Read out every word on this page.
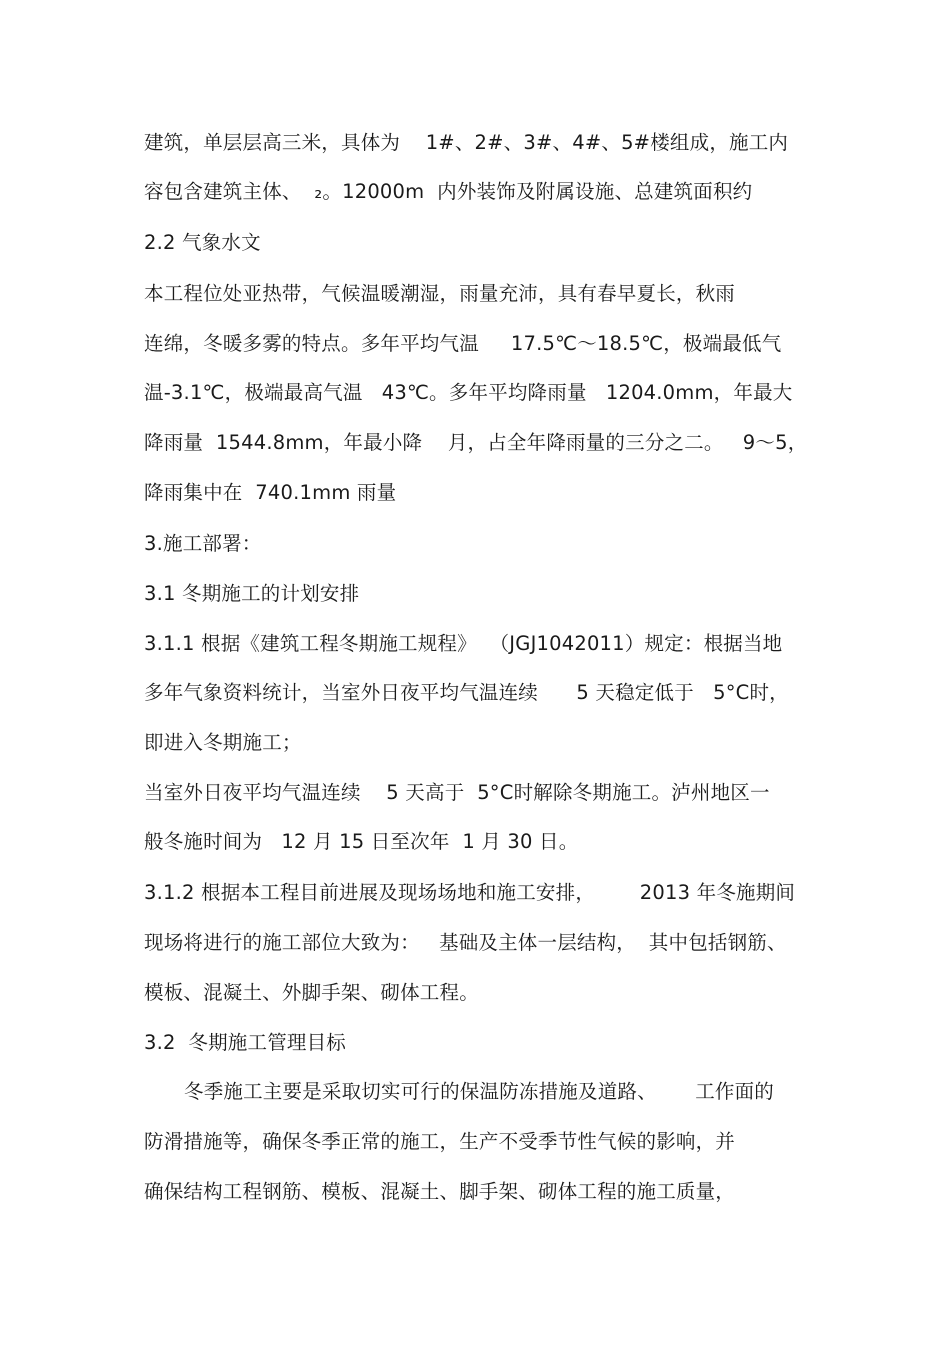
建筑，单层层高三米，具体为    1#、2#、3#、4#、5#楼组成，施工内
容包含建筑主体、  ₂。12000m  内外装饰及附属设施、总建筑面积约
2.2 气象水文
本工程位处亚热带，气候温暖潮湿，雨量充沛，具有春早夏长，秋雨
连绵，冬暖多雾的特点。多年平均气温     17.5℃～18.5℃，极端最低气
温-3.1℃，极端最高气温   43℃。多年平均降雨量   1204.0mm，年最大
降雨量  1544.8mm，年最小降    月，占全年降雨量的三分之二。   9～5，
降雨集中在  740.1mm 雨量
3.施工部署：
3.1 冬期施工的计划安排
3.1.1 根据《建筑工程冬期施工规程》  （JGJ1042011）规定：根据当地
多年气象资料统计，当室外日夜平均气温连续      5 天稳定低于   5°C时，
即进入冬期施工；
当室外日夜平均气温连续    5 天高于  5°C时解除冬期施工。泸州地区一
般冬施时间为   12 月 15 日至次年  1 月 30 日。
3.1.2 根据本工程目前进展及现场场地和施工安排，       2013 年冬施期间
现场将进行的施工部位大致为：   基础及主体一层结构，  其中包括钢筋、
模板、混凝土、外脚手架、砌体工程。
3.2  冬期施工管理目标
冬季施工主要是采取切实可行的保温防冻措施及道路、      工作面的
防滑措施等，确保冬季正常的施工，生产不受季节性气候的影响，并
确保结构工程钢筋、模板、混凝土、脚手架、砌体工程的施工质量，
